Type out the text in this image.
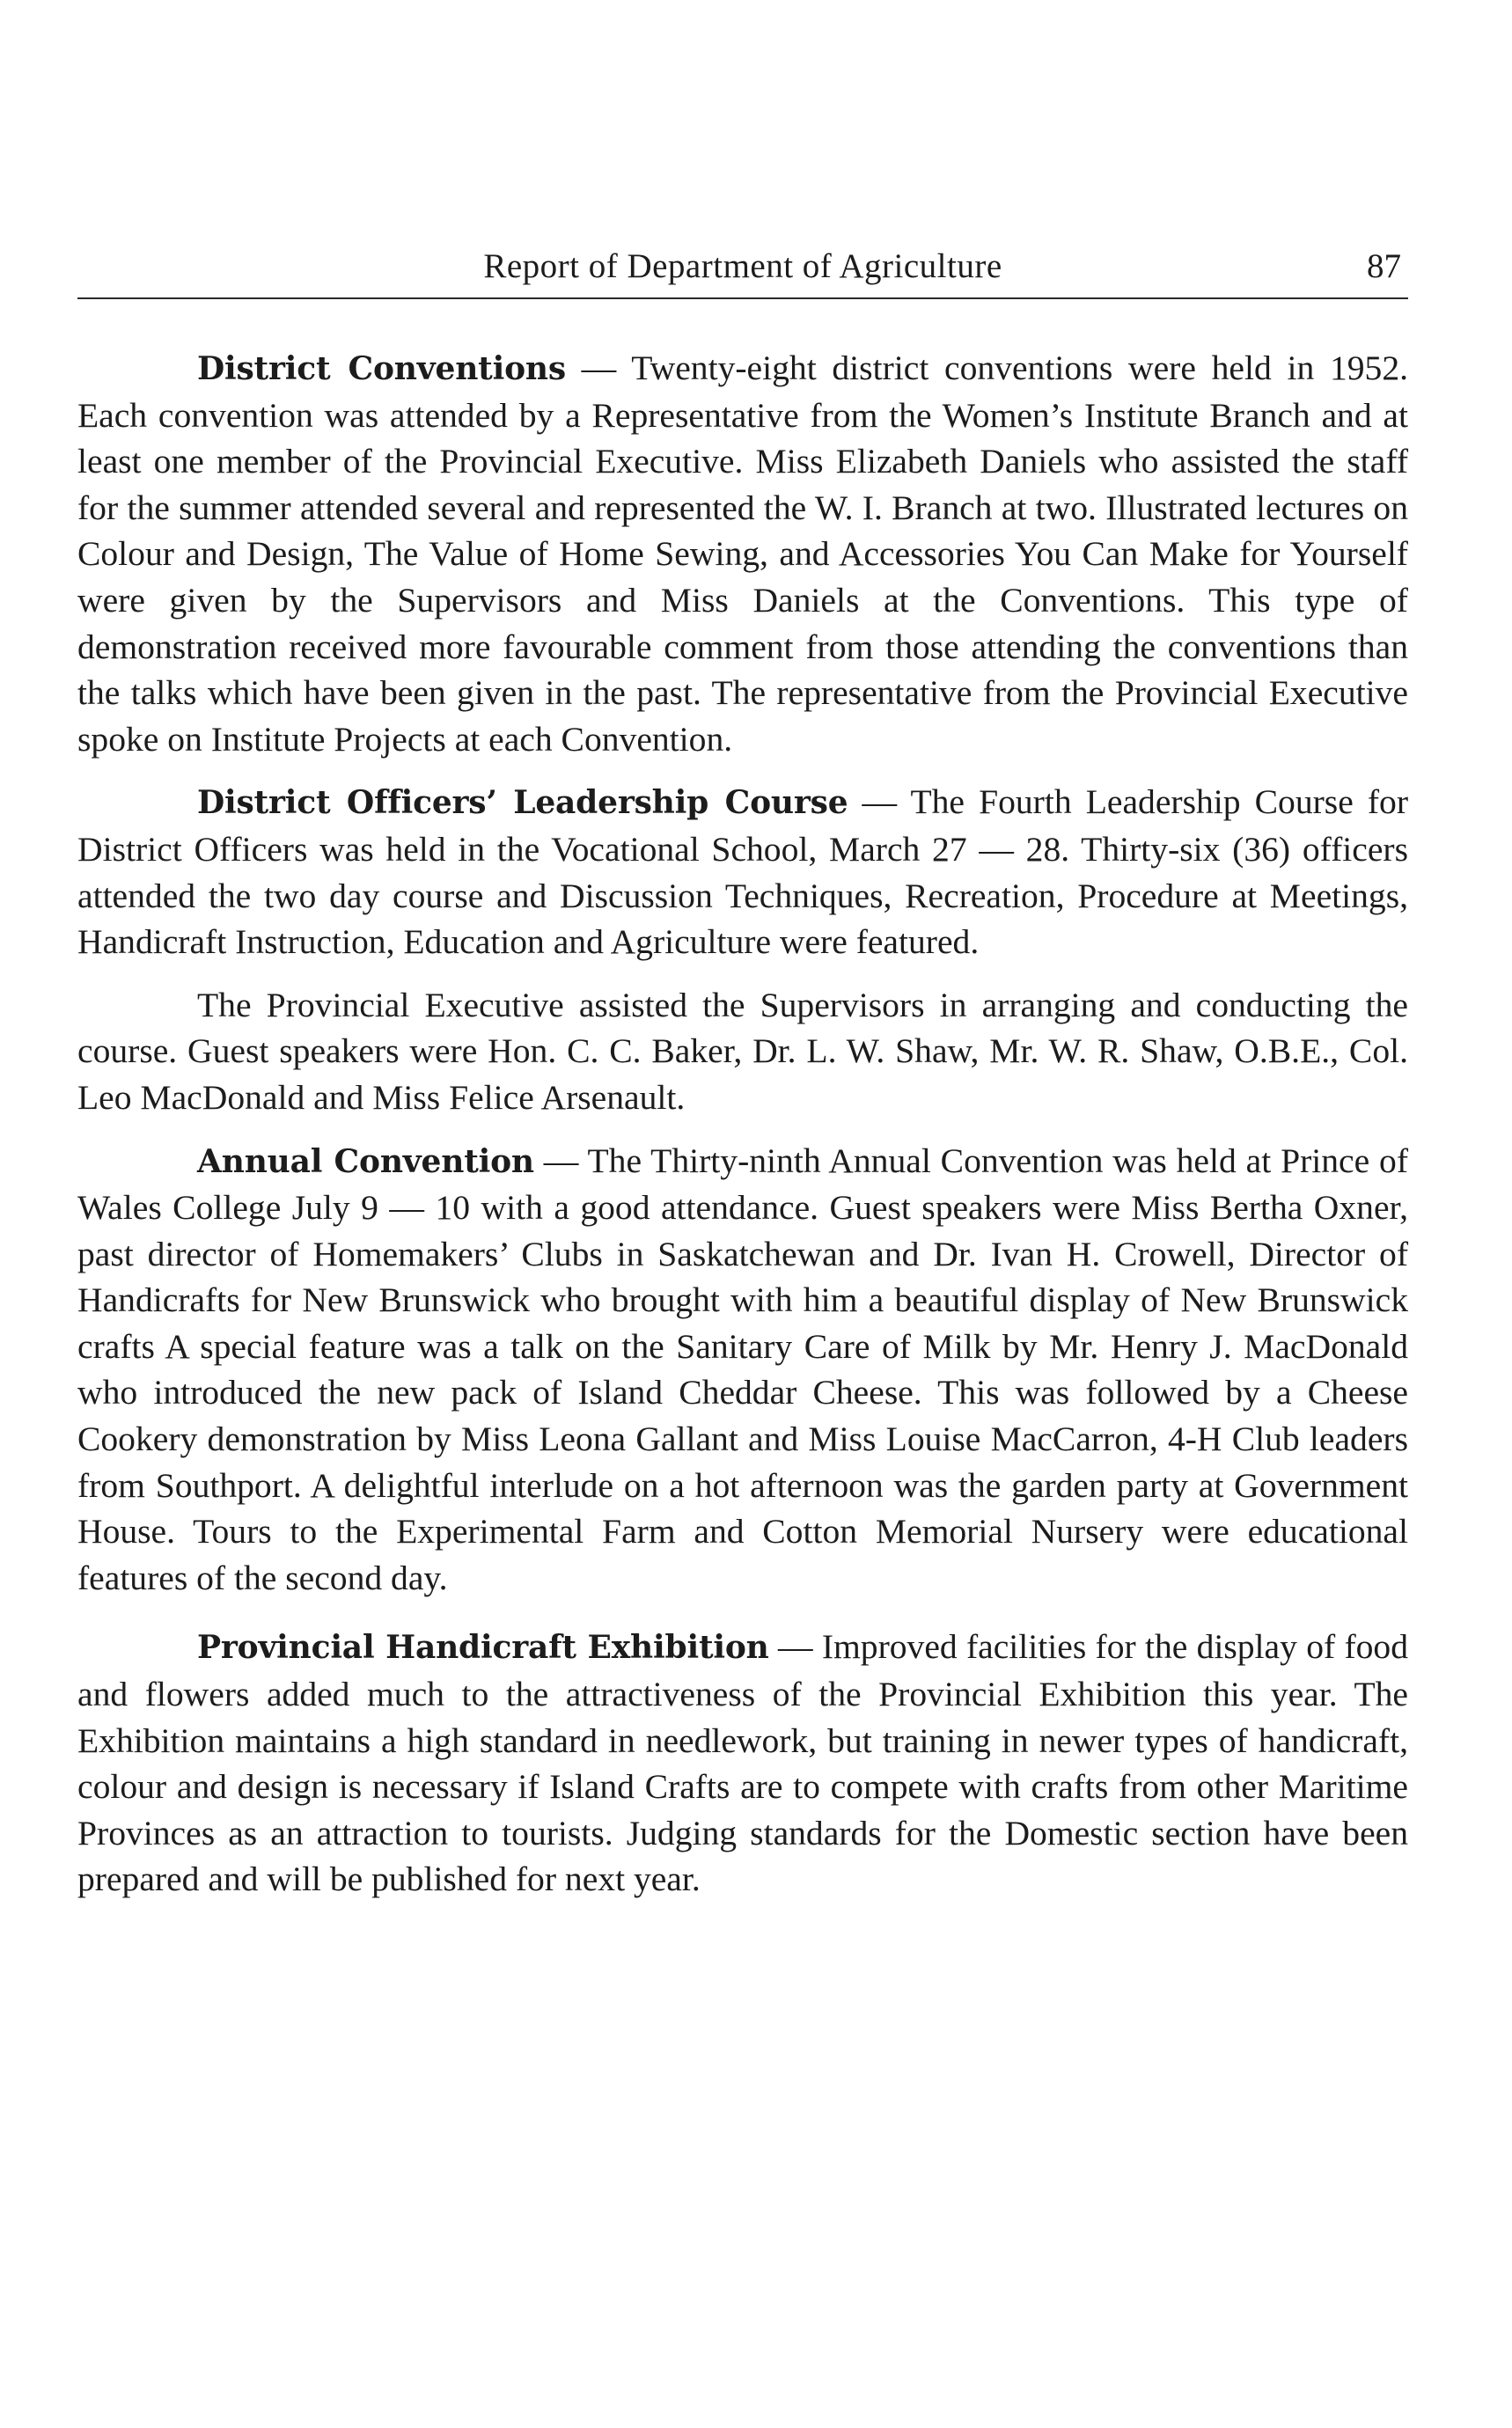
Report of Department of Agriculture	87

District Conventions — Twenty-eight district conventions were held in 1952. Each convention was attended by a Representative from the Women’s Institute Branch and at least one member of the Provincial Executive. Miss Elizabeth Daniels who assisted the staff for the summer attended several and represented the W. I. Branch at two. Illustrated lectures on Colour and Design, The Value of Home Sewing, and Accessories You Can Make for Yourself were given by the Supervisors and Miss Daniels at the Conventions. This type of demonstration received more favourable comment from those attending the conventions than the talks which have been given in the past. The representative from the Provincial Executive spoke on Institute Projects at each Convention.

District Officers’ Leadership Course — The Fourth Leadership Course for District Officers was held in the Vocational School, March 27 — 28. Thirty-six (36) officers attended the two day course and Discussion Techniques, Recreation, Procedure at Meetings, Handicraft Instruction, Education and Agriculture were featured.

The Provincial Executive assisted the Supervisors in arranging and conducting the course. Guest speakers were Hon. C. C. Baker, Dr. L. W. Shaw, Mr. W. R. Shaw, O.B.E., Col. Leo MacDonald and Miss Felice Arsenault.

Annual Convention — The Thirty-ninth Annual Convention was held at Prince of Wales College July 9 — 10 with a good attendance. Guest speakers were Miss Bertha Oxner, past director of Homemakers’ Clubs in Saskatchewan and Dr. Ivan H. Crowell, Director of Handicrafts for New Brunswick who brought with him a beautiful display of New Brunswick crafts A special feature was a talk on the Sanitary Care of Milk by Mr. Henry J. MacDonald who introduced the new pack of Island Cheddar Cheese. This was followed by a Cheese Cookery demonstration by Miss Leona Gallant and Miss Louise MacCarron, 4-H Club leaders from Southport. A delightful interlude on a hot afternoon was the garden party at Government House. Tours to the Experimental Farm and Cotton Memorial Nursery were educational features of the second day.

Provincial Handicraft Exhibition — Improved facilities for the display of food and flowers added much to the attractiveness of the Provincial Exhibition this year. The Exhibition maintains a high standard in needlework, but training in newer types of handicraft, colour and design is necessary if Island Crafts are to compete with crafts from other Maritime Provinces as an attraction to tourists. Judging standards for the Domestic section have been prepared and will be published for next year.
